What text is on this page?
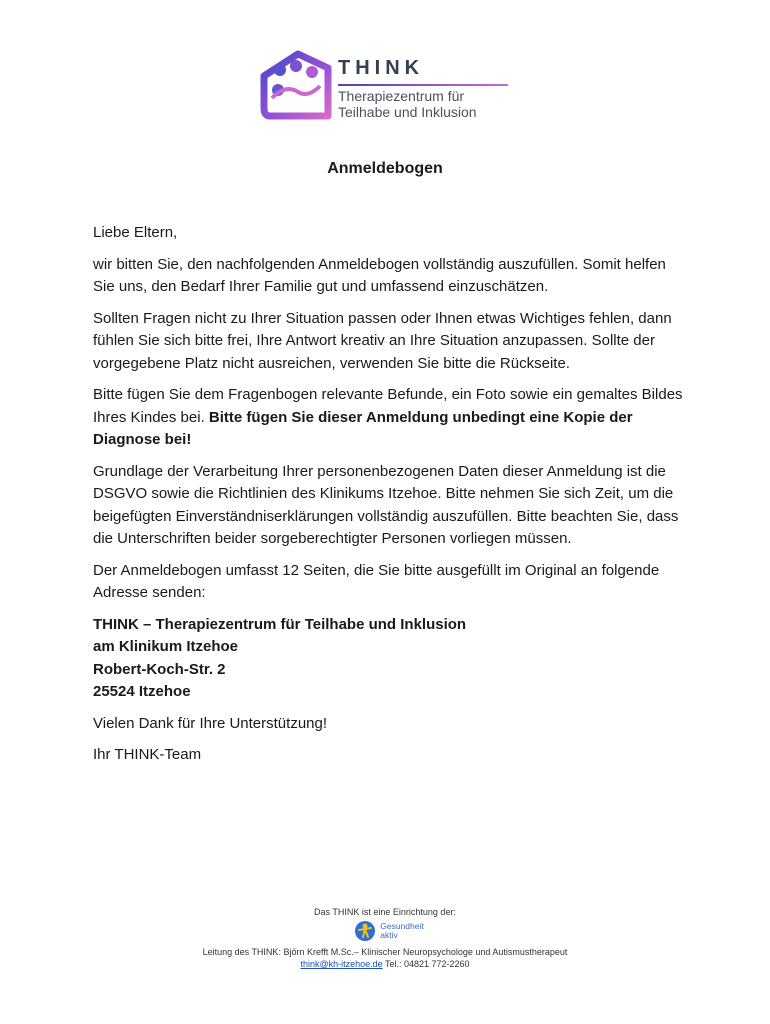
THINK
Therapiezentrum für
Teilhabe und Inklusion
Anmeldebogen

Liebe Eltern,

wir bitten Sie, den nachfolgenden Anmeldebogen vollständig auszufüllen. Somit helfen Sie uns, den Bedarf Ihrer Familie gut und umfassend einzuschätzen.

Sollten Fragen nicht zu Ihrer Situation passen oder Ihnen etwas Wichtiges fehlen, dann fühlen Sie sich bitte frei, Ihre Antwort kreativ an Ihre Situation anzupassen. Sollte der vorgegebene Platz nicht ausreichen, verwenden Sie bitte die Rückseite.

Bitte fügen Sie dem Fragenbogen relevante Befunde, ein Foto sowie ein gemaltes Bildes Ihres Kindes bei. Bitte fügen Sie dieser Anmeldung unbedingt eine Kopie der Diagnose bei!

Grundlage der Verarbeitung Ihrer personenbezogenen Daten dieser Anmeldung ist die DSGVO sowie die Richtlinien des Klinikums Itzehoe. Bitte nehmen Sie sich Zeit, um die beigefügten Einverständniserklärungen vollständig auszufüllen. Bitte beachten Sie, dass die Unterschriften beider sorgeberechtigter Personen vorliegen müssen.

Der Anmeldebogen umfasst 12 Seiten, die Sie bitte ausgefüllt im Original an folgende Adresse senden:

THINK – Therapiezentrum für Teilhabe und Inklusion
am Klinikum Itzehoe
Robert-Koch-Str. 2
25524 Itzehoe

Vielen Dank für Ihre Unterstützung!

Ihr THINK-Team

Das THINK ist eine Einrichtung der:
Gesundheit
aktiv
Leitung des THINK: Björn Krefft M.Sc.– Klinischer Neuropsychologe und Autismustherapeut
think@kh-itzehoe.de Tel.: 04821 772-2260
